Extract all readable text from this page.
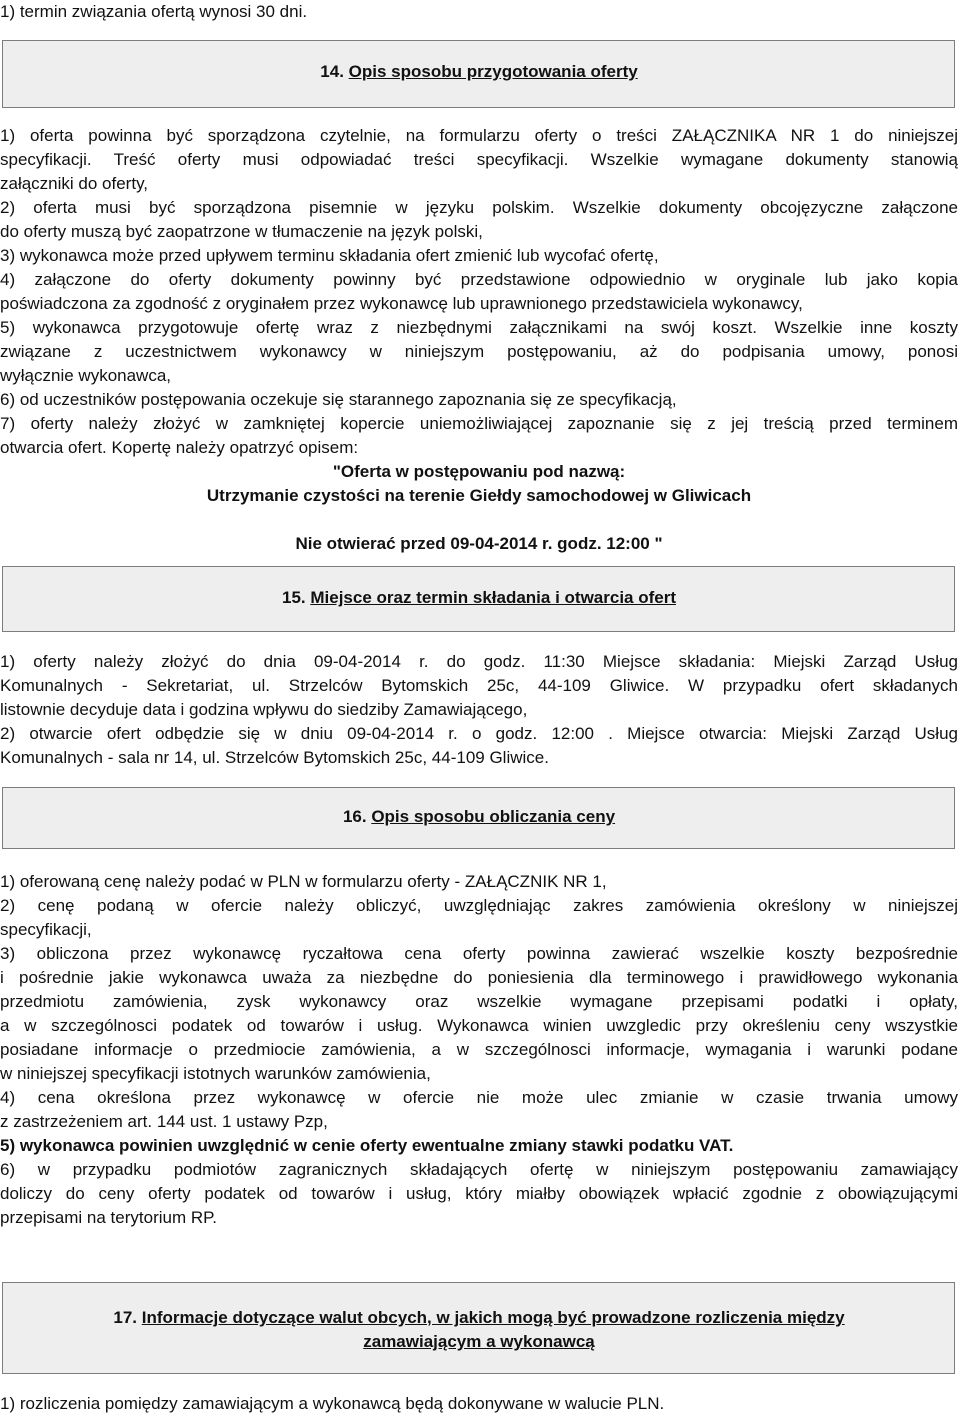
1) termin związania ofertą wynosi 30 dni.
14. Opis sposobu przygotowania oferty
1) oferta powinna być sporządzona czytelnie, na formularzu oferty o treści ZAŁĄCZNIKA NR 1 do niniejszej
specyfikacji. Treść oferty musi odpowiadać treści specyfikacji. Wszelkie wymagane dokumenty stanowią
załączniki do oferty,
2) oferta musi być sporządzona pisemnie w języku polskim. Wszelkie dokumenty obcojęzyczne załączone
do oferty muszą być zaopatrzone w tłumaczenie na język polski,
3) wykonawca może przed upływem terminu składania ofert zmienić lub wycofać ofertę,
4) załączone do oferty dokumenty powinny być przedstawione odpowiednio w oryginale lub jako kopia
poświadczona za zgodność z oryginałem przez wykonawcę lub uprawnionego przedstawiciela wykonawcy,
5) wykonawca przygotowuje ofertę wraz z niezbędnymi załącznikami na swój koszt. Wszelkie inne koszty
związane z uczestnictwem wykonawcy w niniejszym postępowaniu, aż do podpisania umowy, ponosi
wyłącznie wykonawca,
6) od uczestników postępowania oczekuje się starannego zapoznania się ze specyfikacją,
7) oferty należy złożyć w zamkniętej kopercie uniemożliwiającej zapoznanie się z jej treścią przed terminem
otwarcia ofert. Kopertę należy opatrzyć opisem:
"Oferta w postępowaniu pod nazwą:
Utrzymanie czystości na terenie Giełdy samochodowej w Gliwicach
Nie otwierać przed 09-04-2014 r. godz. 12:00 "
15. Miejsce oraz termin składania i otwarcia ofert
1) oferty należy złożyć do dnia 09-04-2014 r. do godz. 11:30 Miejsce składania: Miejski Zarząd Usług
Komunalnych - Sekretariat, ul. Strzelców Bytomskich 25c, 44-109 Gliwice. W przypadku ofert składanych
listownie decyduje data i godzina wpływu do siedziby Zamawiającego,
2) otwarcie ofert odbędzie się w dniu 09-04-2014 r. o godz. 12:00 . Miejsce otwarcia: Miejski Zarząd Usług
Komunalnych - sala nr 14, ul. Strzelców Bytomskich 25c, 44-109 Gliwice.
16. Opis sposobu obliczania ceny
1) oferowaną cenę należy podać w PLN w formularzu oferty - ZAŁĄCZNIK NR 1,
2) cenę podaną w ofercie należy obliczyć, uwzględniając zakres zamówienia określony w niniejszej
specyfikacji,
3) obliczona przez wykonawcę ryczałtowa cena oferty powinna zawierać wszelkie koszty bezpośrednie
i pośrednie jakie wykonawca uważa za niezbędne do poniesienia dla terminowego i prawidłowego wykonania
przedmiotu zamówienia, zysk wykonawcy oraz wszelkie wymagane przepisami podatki i opłaty,
a w szczególnosci podatek od towarów i usług. Wykonawca winien uwzgledic przy określeniu ceny wszystkie
posiadane informacje o przedmiocie zamówienia, a w szczególnosci informacje, wymagania i warunki podane
w niniejszej specyfikacji istotnych warunków zamówienia,
4) cena określona przez wykonawcę w ofercie nie może ulec zmianie w czasie trwania umowy
z zastrzeżeniem art. 144 ust. 1 ustawy Pzp,
5) wykonawca powinien uwzględnić w cenie oferty ewentualne zmiany stawki podatku VAT.
6) w przypadku podmiotów zagranicznych składających ofertę w niniejszym postępowaniu zamawiający
doliczy do ceny oferty podatek od towarów i usług, który miałby obowiązek wpłacić zgodnie z obowiązującymi
przepisami na terytorium RP.
17. Informacje dotyczące walut obcych, w jakich mogą być prowadzone rozliczenia między
zamawiającym a wykonawcą
1) rozliczenia pomiędzy zamawiającym a wykonawcą będą dokonywane w walucie PLN.
